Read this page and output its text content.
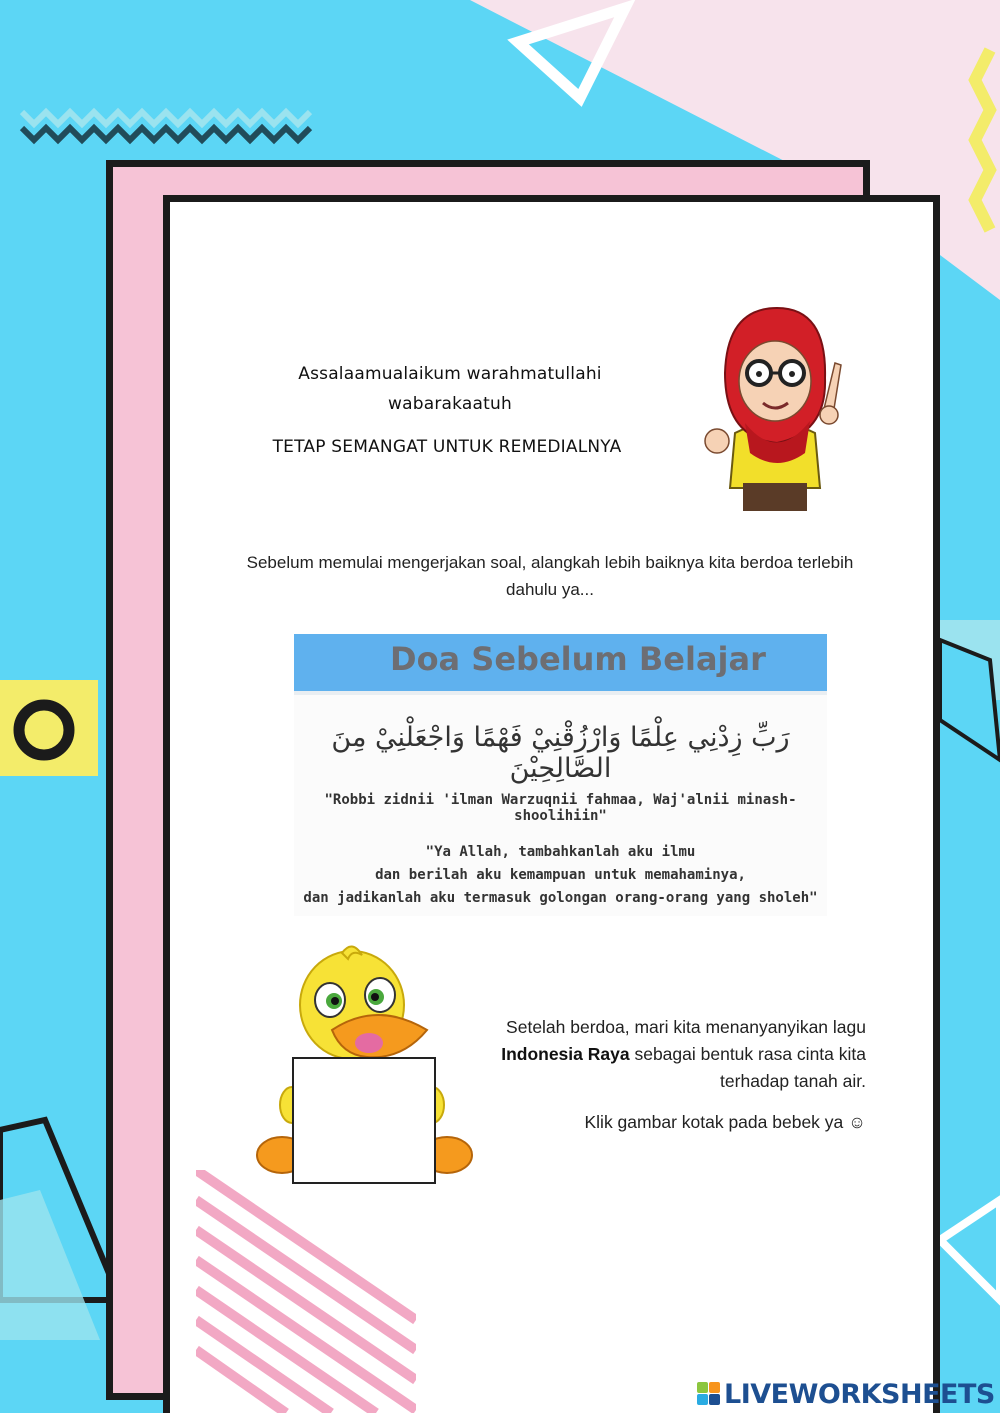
Assalaamualaikum warahmatullahi
wabarakaatuh
TETAP SEMANGAT UNTUK REMEDIALNYA
Sebelum memulai mengerjakan soal, alangkah lebih baiknya kita berdoa terlebih
dahulu ya...
Doa Sebelum Belajar
رَبِّ زِدْنِي عِلْمًا وَارْزُقْنِيْ فَهْمًا وَاجْعَلْنِيْ مِنَ الصَّالِحِيْنَ
"Robbi zidnii 'ilman Warzuqnii fahmaa, Waj'alnii minash-shoolihiin"
"Ya Allah, tambahkanlah aku ilmu
dan berilah aku kemampuan untuk memahaminya,
dan jadikanlah aku termasuk golongan orang-orang yang sholeh"
Setelah berdoa, mari kita menanyanyikan lagu
Indonesia Raya sebagai bentuk rasa cinta kita
terhadap tanah air.
Klik gambar kotak pada bebek ya ☺
LIVEWORKSHEETS
